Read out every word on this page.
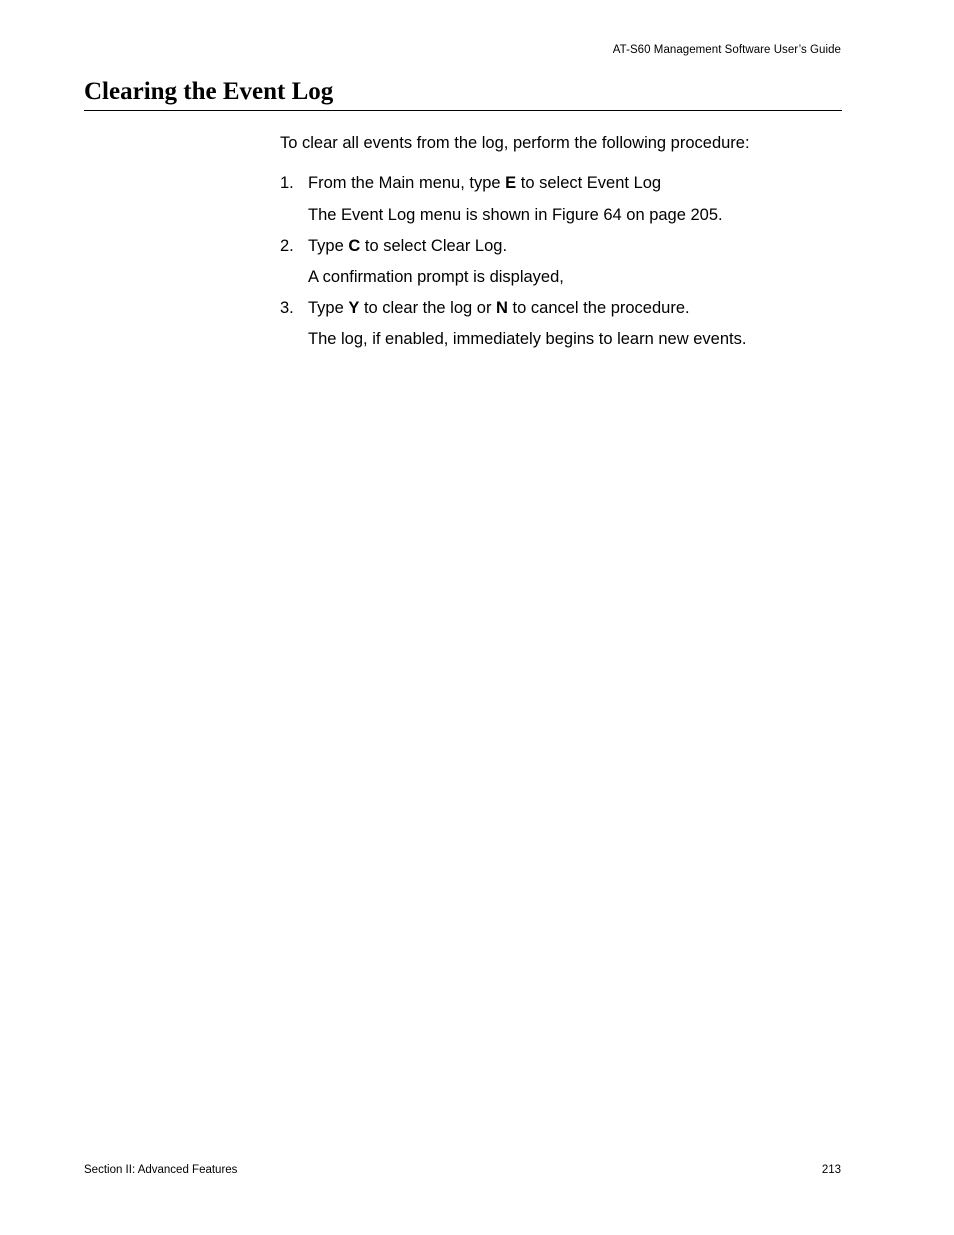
AT-S60 Management Software User’s Guide
Clearing the Event Log
To clear all events from the log, perform the following procedure:
1. From the Main menu, type E to select Event Log
The Event Log menu is shown in Figure 64 on page 205.
2. Type C to select Clear Log.
A confirmation prompt is displayed,
3. Type Y to clear the log or N to cancel the procedure.
The log, if enabled, immediately begins to learn new events.
Section II: Advanced Features	213
